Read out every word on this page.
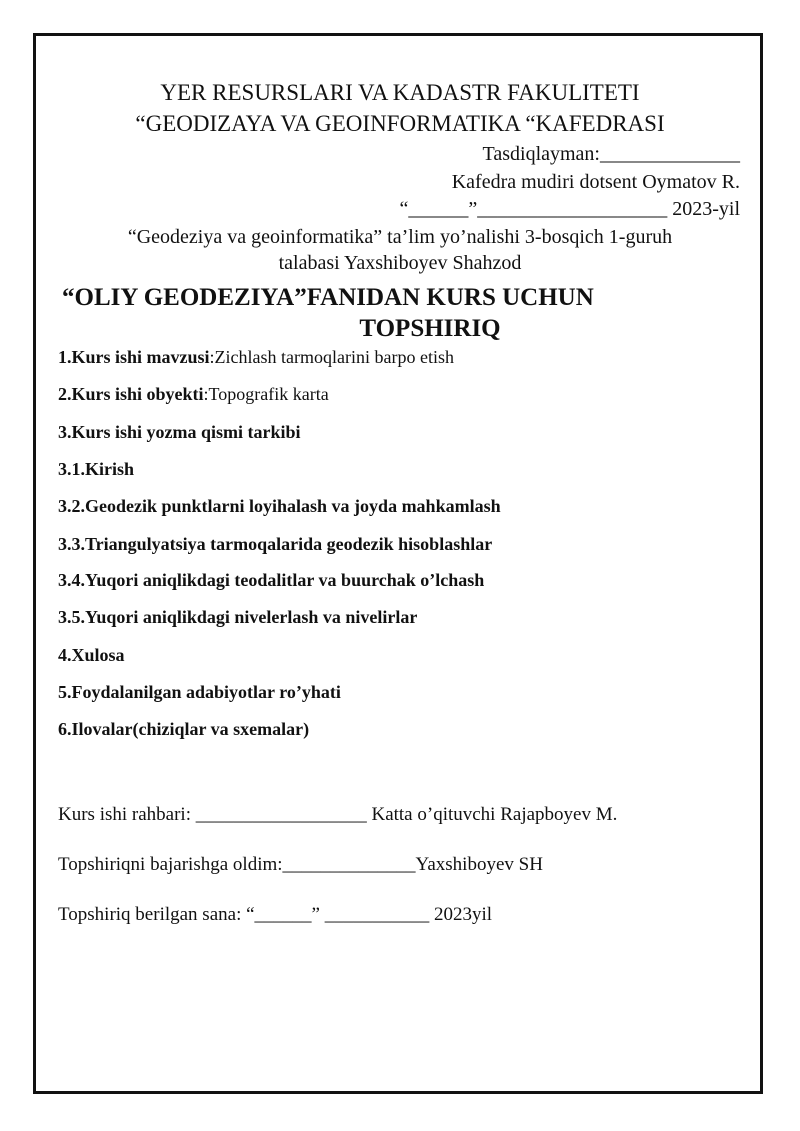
YER RESURSLARI VA KADASTR FAKULITETI
“GEODIZAYA VA GEOINFORMATIKA “KAFEDRASI
Tasdiqlayman:______________
Kafedra mudiri dotsent Oymatov R.
“______”___________________ 2023-yil
“Geodeziya va geoinformatika” ta’lim yo’nalishi 3-bosqich 1-guruh
talabasi Yaxshiboyev Shahzod
“OLIY GEODEZIYA”FANIDAN KURS UCHUN
TOPSHIRIQ
1.Kurs ishi mavzusi:Zichlash tarmoqlarini barpo etish
2.Kurs ishi obyekti:Topografik karta
3.Kurs ishi yozma qismi tarkibi
3.1.Kirish
3.2.Geodezik punktlarni loyihalash va joyda mahkamlash
3.3.Triangulyatsiya tarmoqalarida geodezik hisoblashlar
3.4.Yuqori aniqlikdagi teodalitlar va buurchak o’lchash
3.5.Yuqori aniqlikdagi nivelerlash va nivelirlar
4.Xulosa
5.Foydalanilgan adabiyotlar ro’yhati
6.Ilovalar(chiziqlar va sxemalar)
Kurs ishi rahbari: __________________ Katta o’qituvchi Rajapboyev M.
Topshiriqni bajarishga oldim:______________Yaxshiboyev SH
Topshiriq berilgan sana: “______” ___________ 2023yil
